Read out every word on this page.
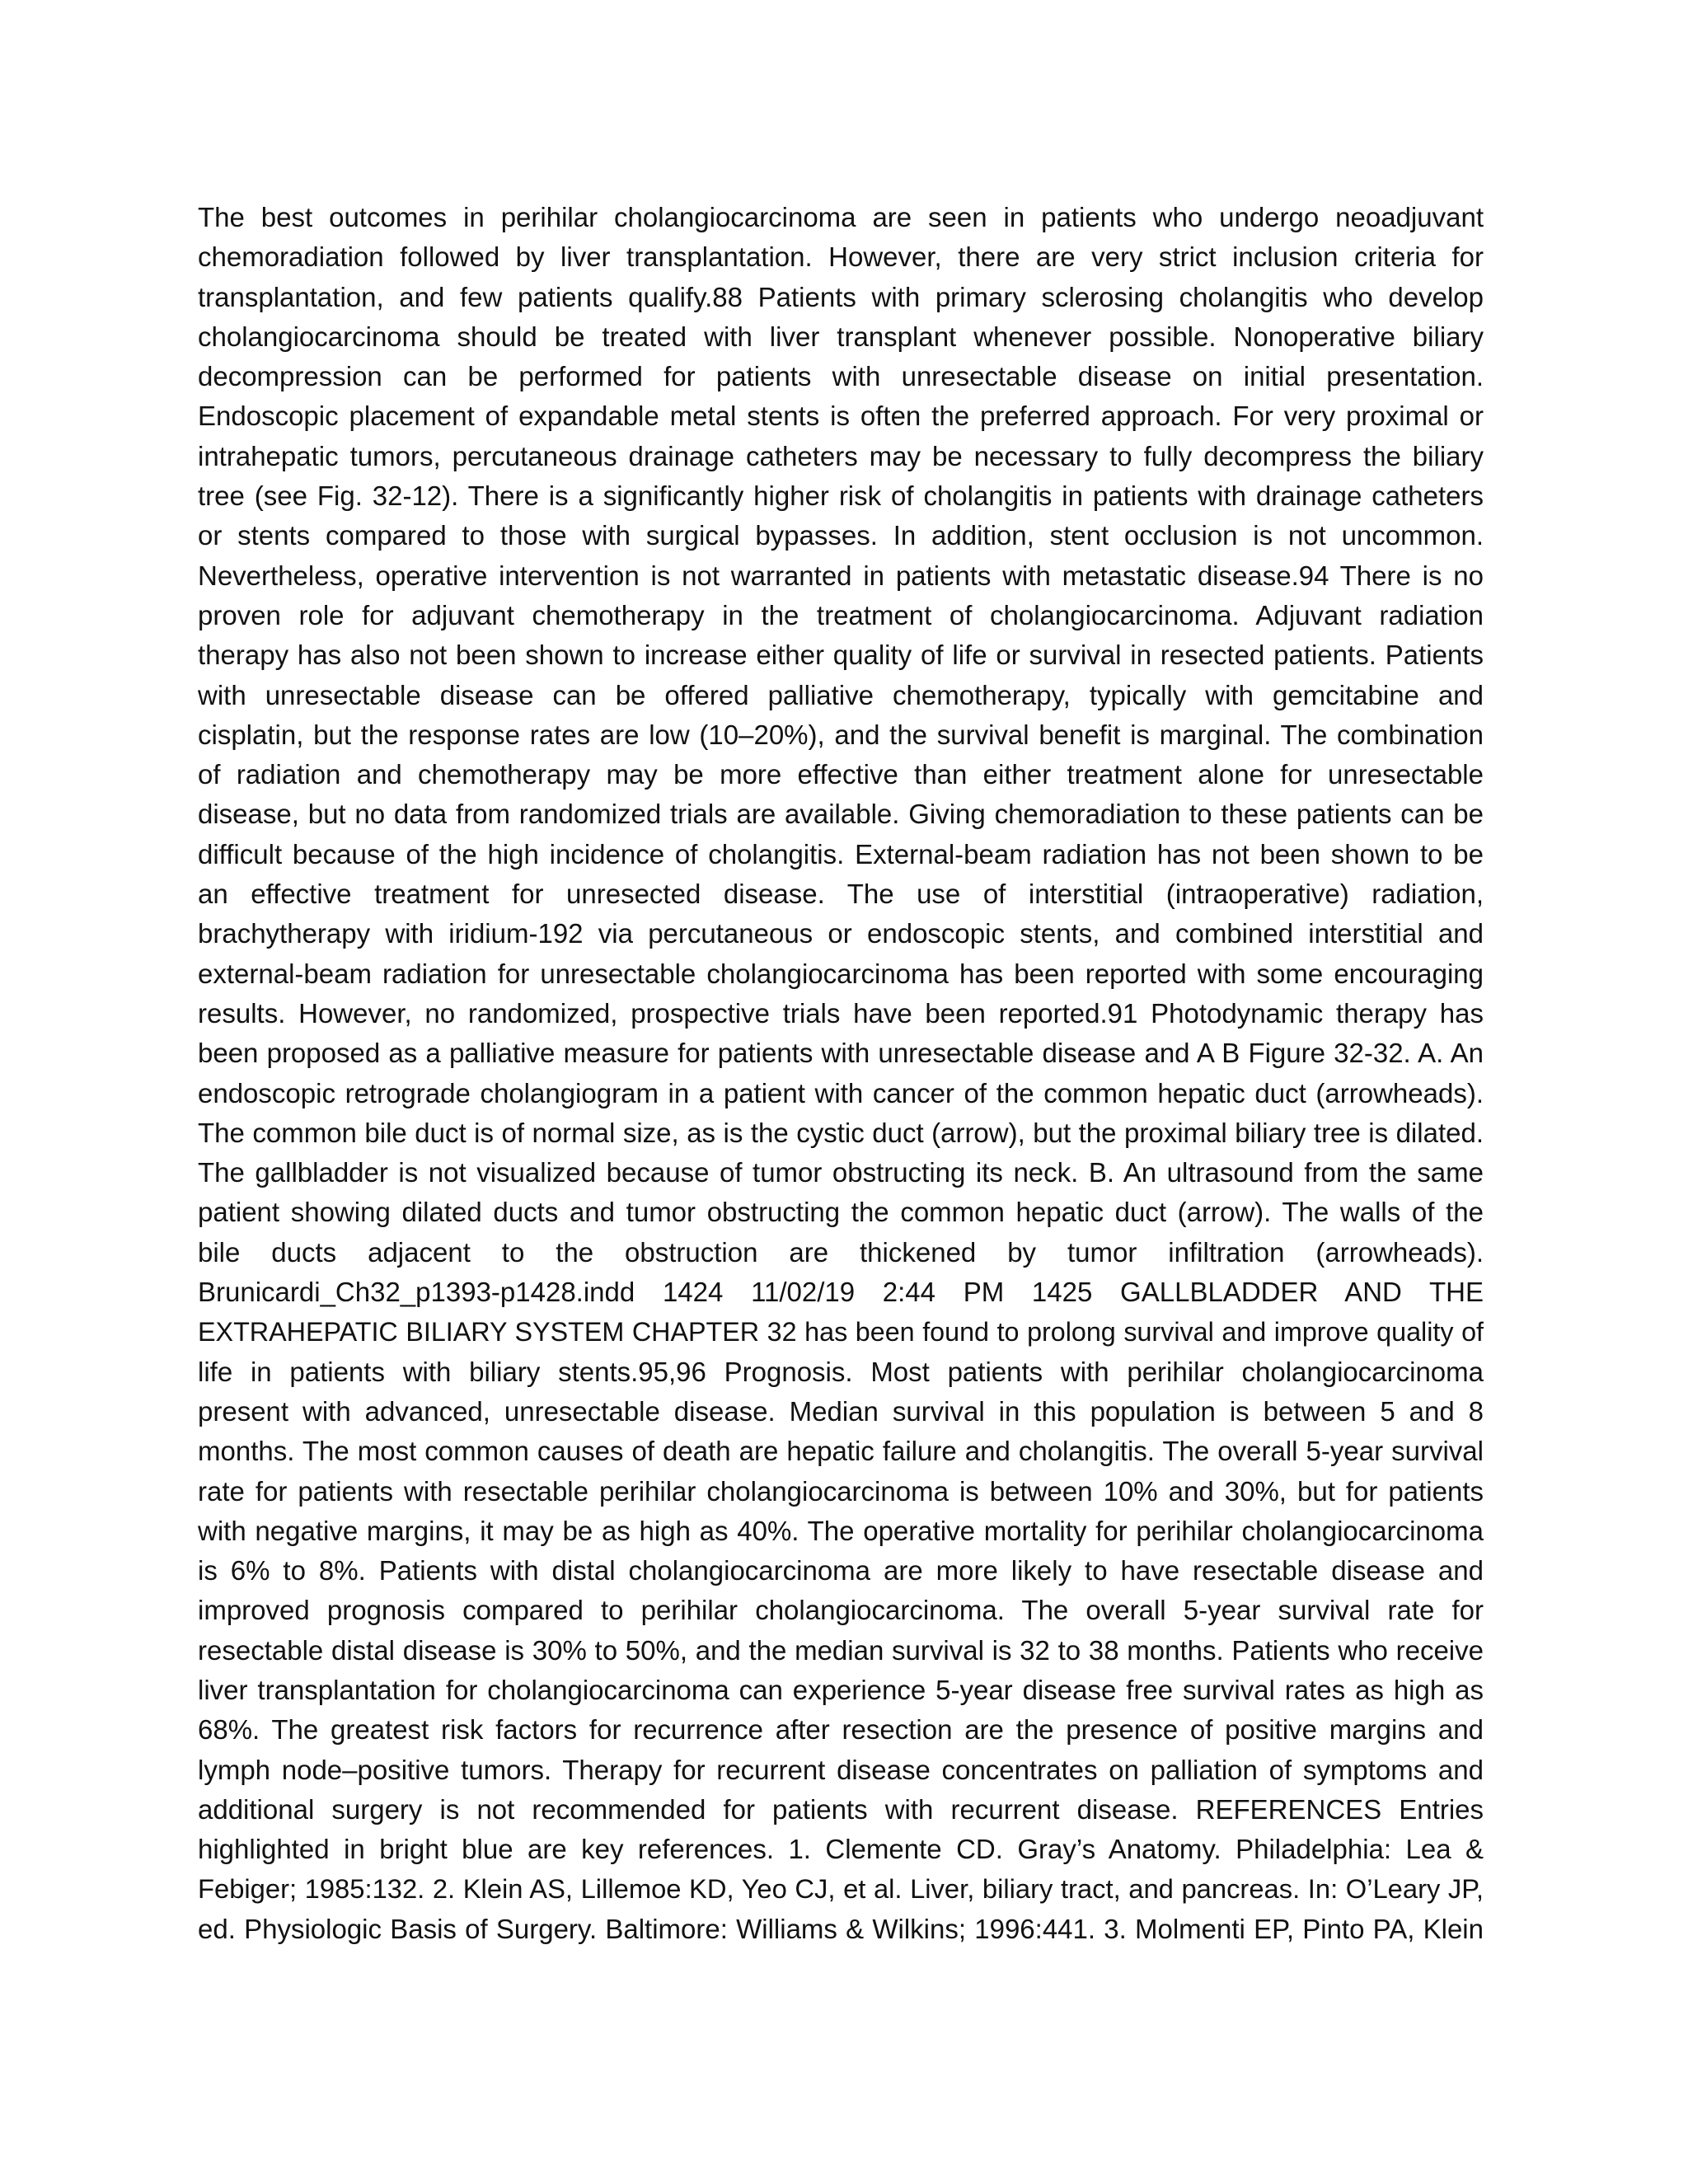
The best outcomes in perihilar cholangiocarcinoma are seen in patients who undergo neoadjuvant
chemoradiation followed by liver transplantation. However, there are very strict inclusion criteria for
transplantation, and few patients qualify.88 Patients with primary sclerosing cholangitis who develop
cholangiocarcinoma should be treated with liver transplant whenever possible. Nonoperative biliary
decompression can be performed for patients with unresectable disease on initial presentation.
Endoscopic placement of expandable metal stents is often the preferred approach. For very proximal or
intrahepatic tumors, percutaneous drainage catheters may be necessary to fully decompress the biliary
tree (see Fig. 32-12). There is a significantly higher risk of cholangitis in patients with drainage catheters
or stents compared to those with surgical bypasses. In addition, stent occlusion is not uncommon.
Nevertheless, operative intervention is not warranted in patients with metastatic disease.94 There is no
proven role for adjuvant chemotherapy in the treatment of cholangiocarcinoma. Adjuvant radiation
therapy has also not been shown to increase either quality of life or survival in resected patients. Patients
with unresectable disease can be offered palliative chemotherapy, typically with gemcitabine and
cisplatin, but the response rates are low (10–20%), and the survival benefit is marginal. The combination
of radiation and chemotherapy may be more effective than either treatment alone for unresectable
disease, but no data from randomized trials are available. Giving chemoradiation to these patients can be
difficult because of the high incidence of cholangitis. External-beam radiation has not been shown to be
an effective treatment for unresected disease. The use of interstitial (intraoperative) radiation,
brachytherapy with iridium-192 via percutaneous or endoscopic stents, and combined interstitial and
external-beam radiation for unresectable cholangiocarcinoma has been reported with some encouraging
results. However, no randomized, prospective trials have been reported.91 Photodynamic therapy has
been proposed as a palliative measure for patients with unresectable disease and A B Figure 32-32. A. An
endoscopic retrograde cholangiogram in a patient with cancer of the common hepatic duct (arrowheads).
The common bile duct is of normal size, as is the cystic duct (arrow), but the proximal biliary tree is dilated.
The gallbladder is not visualized because of tumor obstructing its neck. B. An ultrasound from the same
patient showing dilated ducts and tumor obstructing the common hepatic duct (arrow). The walls of the
bile ducts adjacent to the obstruction are thickened by tumor infiltration (arrowheads).
Brunicardi_Ch32_p1393-p1428.indd 1424 11/02/19 2:44 PM 1425 GALLBLADDER AND THE
EXTRAHEPATIC BILIARY SYSTEM CHAPTER 32 has been found to prolong survival and improve quality of
life in patients with biliary stents.95,96 Prognosis. Most patients with perihilar cholangiocarcinoma
present with advanced, unresectable disease. Median survival in this population is between 5 and 8
months. The most common causes of death are hepatic failure and cholangitis. The overall 5-year survival
rate for patients with resectable perihilar cholangiocarcinoma is between 10% and 30%, but for patients
with negative margins, it may be as high as 40%. The operative mortality for perihilar cholangiocarcinoma
is 6% to 8%. Patients with distal cholangiocarcinoma are more likely to have resectable disease and
improved prognosis compared to perihilar cholangiocarcinoma. The overall 5-year survival rate for
resectable distal disease is 30% to 50%, and the median survival is 32 to 38 months. Patients who receive
liver transplantation for cholangiocarcinoma can experience 5-year disease free survival rates as high as
68%. The greatest risk factors for recurrence after resection are the presence of positive margins and
lymph node–positive tumors. Therapy for recurrent disease concentrates on palliation of symptoms and
additional surgery is not recommended for patients with recurrent disease. REFERENCES Entries
highlighted in bright blue are key references. 1. Clemente CD. Gray’s Anatomy. Philadelphia: Lea &
Febiger; 1985:132. 2. Klein AS, Lillemoe KD, Yeo CJ, et al. Liver, biliary tract, and pancreas. In: O’Leary JP,
ed. Physiologic Basis of Surgery. Baltimore: Williams & Wilkins; 1996:441. 3. Molmenti EP, Pinto PA, Klein
